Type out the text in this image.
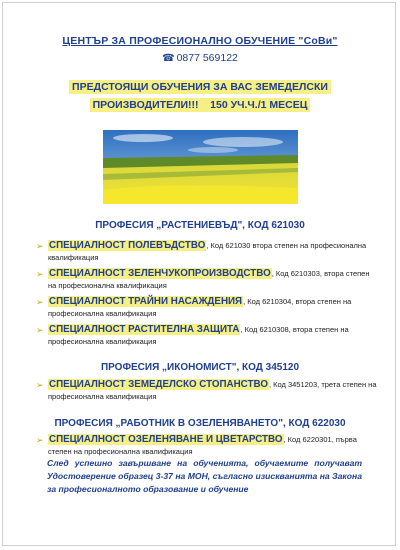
ЦЕНТЪР ЗА ПРОФЕСИОНАЛНО ОБУЧЕНИЕ "СоВи"
☎ 0877 569122
ПРЕДСТОЯЩИ ОБУЧЕНИЯ ЗА ВАС ЗЕМЕДЕЛСКИ
ПРОИЗВОДИТЕЛИ!!!    150 УЧ.Ч./1 МЕСЕЦ
ПРОФЕСИЯ „РАСТЕНИЕВЪД", КОД 621030
➢ СПЕЦИАЛНОСТ ПОЛЕВЪДСТВО, Код 621030 втора степен на професионална квалификация
➢ СПЕЦИАЛНОСТ ЗЕЛЕНЧУКОПРОИЗВОДСТВО, Код 6210303, втора степен на професионална квалификация
➢ СПЕЦИАЛНОСТ ТРАЙНИ НАСАЖДЕНИЯ, Код 6210304, втора степен на професионална квалификация
➢ СПЕЦИАЛНОСТ РАСТИТЕЛНА ЗАЩИТА, Код 6210308, втора степен на професионална квалификация
ПРОФЕСИЯ „ИКОНОМИСТ", КОД 345120
➢ СПЕЦИАЛНОСТ ЗЕМЕДЕЛСКО СТОПАНСТВО, Код 3451203, трета степен на професионална квалификация
ПРОФЕСИЯ „РАБОТНИК В ОЗЕЛЕНЯВАНЕТО", КОД 622030
➢ СПЕЦИАЛНОСТ ОЗЕЛЕНЯВАНЕ И ЦВЕТАРСТВО, Код 6220301, първа степен на професионална квалификация
След успешно завършване на обученията, обучаемите получават Удостоверение образец 3-37 на МОН, съгласно изискванията на Закона за професионалното образование и обучение
